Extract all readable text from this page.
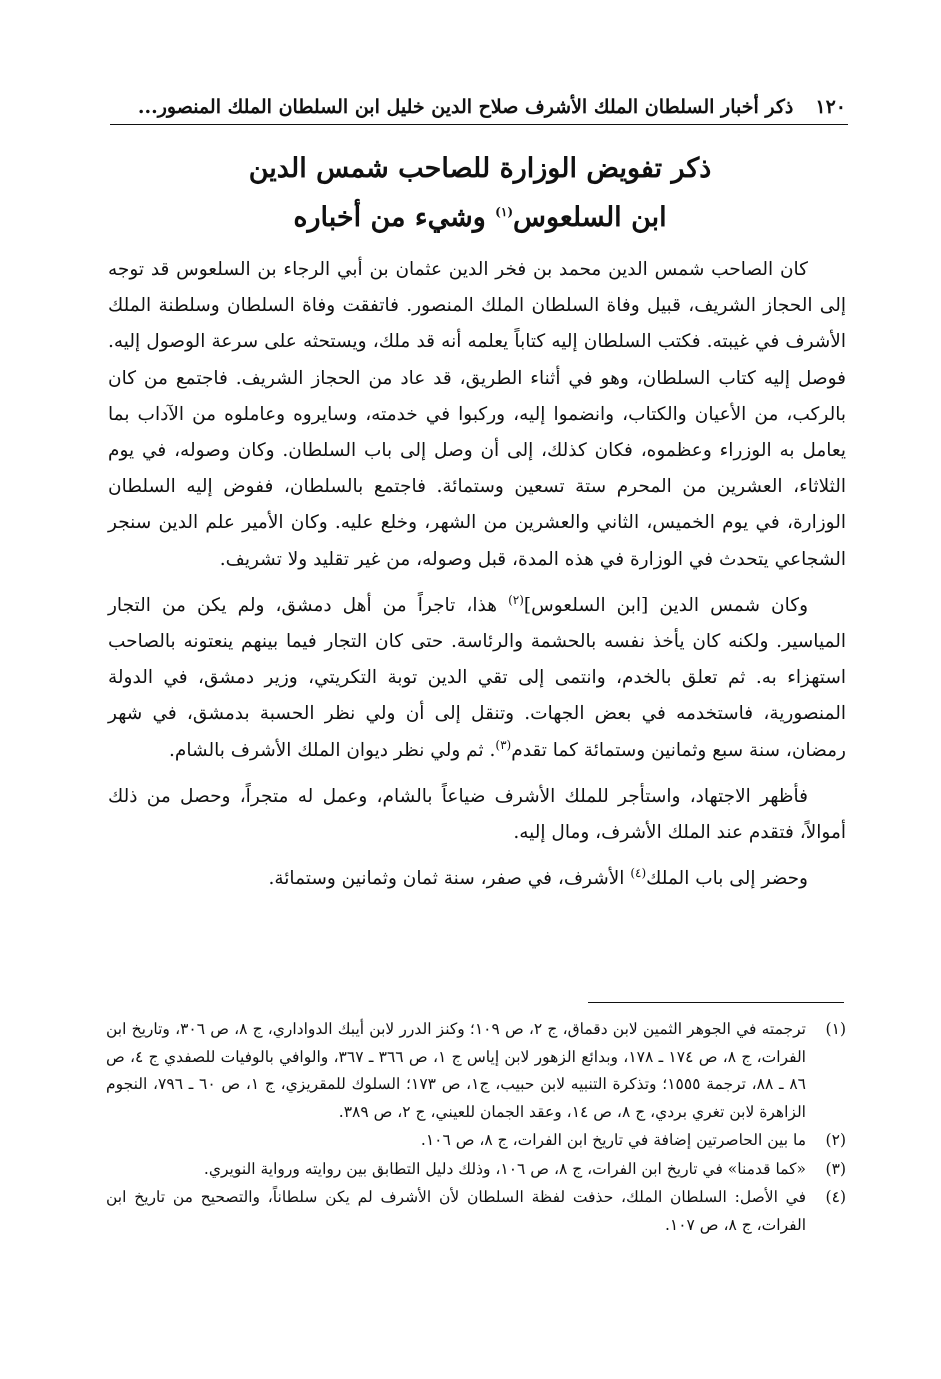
١٢٠
ذكر أخبار السلطان الملك الأشرف صلاح الدين خليل ابن السلطان الملك المنصور...
ذكر تفويض الوزارة للصاحب شمس الدين
ابن السلعوس$^{(١)}$ وشيء من أخباره

كان الصاحب شمس الدين محمد بن فخر الدين عثمان بن أبي الرجاء بن السلعوس قد توجه إلى الحجاز الشريف، قبيل وفاة السلطان الملك المنصور. فاتفقت وفاة السلطان وسلطنة الملك الأشرف في غيبته. فكتب السلطان إليه كتاباً يعلمه أنه قد ملك، ويستحثه على سرعة الوصول إليه. فوصل إليه كتاب السلطان، وهو في أثناء الطريق، قد عاد من الحجاز الشريف. فاجتمع من كان بالركب، من الأعيان والكتاب، وانضموا إليه، وركبوا في خدمته، وسايروه وعاملوه من الآداب بما يعامل به الوزراء وعظموه، فكان كذلك، إلى أن وصل إلى باب السلطان. وكان وصوله، في يوم الثلاثاء، العشرين من المحرم ستة تسعين وستمائة. فاجتمع بالسلطان، ففوض إليه السلطان الوزارة، في يوم الخميس، الثاني والعشرين من الشهر، وخلع عليه. وكان الأمير علم الدين سنجر الشجاعي يتحدث في الوزارة في هذه المدة، قبل وصوله، من غير تقليد ولا تشريف.

وكان شمس الدين [ابن السلعوس]$^{(٢)}$ هذا، تاجراً من أهل دمشق، ولم يكن من التجار المياسير. ولكنه كان يأخذ نفسه بالحشمة والرئاسة. حتى كان التجار فيما بينهم ينعتونه بالصاحب استهزاء به. ثم تعلق بالخدم، وانتمى إلى تقي الدين توبة التكريتي، وزير دمشق، في الدولة المنصورية، فاستخدمه في بعض الجهات. وتنقل إلى أن ولي نظر الحسبة بدمشق، في شهر رمضان، سنة سبع وثمانين وستمائة كما تقدم$^{(٣)}$. ثم ولي نظر ديوان الملك الأشرف بالشام.

فأظهر الاجتهاد، واستأجر للملك الأشرف ضياعاً بالشام، وعمل له متجراً، وحصل من ذلك أموالاً، فتقدم عند الملك الأشرف، ومال إليه.

وحضر إلى باب الملك$^{(٤)}$ الأشرف، في صفر، سنة ثمان وثمانين وستمائة.

(١)
ترجمته في الجوهر الثمين لابن دقماق، ج ٢، ص ١٠٩؛ وكنز الدرر لابن أيبك الدواداري، ج ٨، ص ٣٠٦، وتاريخ ابن الفرات، ج ٨، ص ١٧٤ ـ ١٧٨، وبدائع الزهور لابن إياس ج ١، ص ٣٦٦ ـ ٣٦٧، والوافي بالوفيات للصفدي ج ٤، ص ٨٦ ـ ٨٨، ترجمة ١٥٥٥؛ وتذكرة التنبيه لابن حبيب، ج١، ص ١٧٣؛ السلوك للمقريزي، ج ١، ص ٦٠ ـ ٧٩٦، النجوم الزاهرة لابن تغري بردي، ج ٨، ص ١٤، وعقد الجمان للعيني، ج ٢، ص ٣٨٩.
(٢)
ما بين الحاصرتين إضافة في تاريخ ابن الفرات، ج ٨، ص ١٠٦.
(٣)
«كما قدمنا» في تاريخ ابن الفرات، ج ٨، ص ١٠٦، وذلك دليل التطابق بين روايته ورواية النويري.
(٤)
في الأصل: السلطان الملك، حذفت لفظة السلطان لأن الأشرف لم يكن سلطاناً، والتصحيح من تاريخ ابن الفرات، ج ٨، ص ١٠٧.
